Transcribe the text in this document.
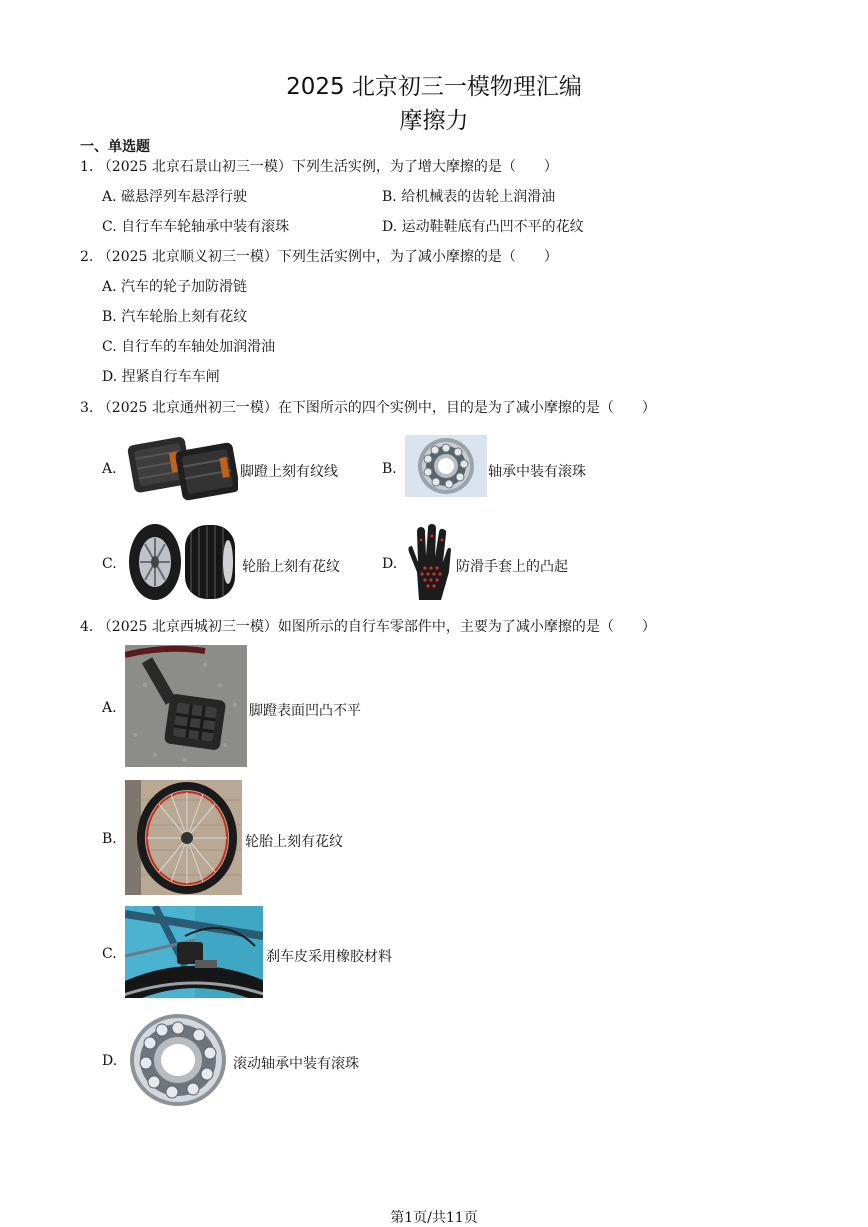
2025 北京初三一模物理汇编
摩擦力
一、单选题
1. （2025 北京石景山初三一模）下列生活实例，为了增大摩擦的是（　　）
A. 磁悬浮列车悬浮行驶	B. 给机械表的齿轮上润滑油
C. 自行车车轮轴承中装有滚珠	D. 运动鞋鞋底有凸凹不平的花纹
2. （2025 北京顺义初三一模）下列生活实例中，为了减小摩擦的是（　　）
A. 汽车的轮子加防滑链
B. 汽车轮胎上刻有花纹
C. 自行车的车轴处加润滑油
D. 捏紧自行车车闸
3. （2025 北京通州初三一模）在下图所示的四个实例中，目的是为了减小摩擦的是（　　）
A.	脚蹬上刻有纹线	B.	轴承中装有滚珠
C.	轮胎上刻有花纹	D.	防滑手套上的凸起
4. （2025 北京西城初三一模）如图所示的自行车零部件中，主要为了减小摩擦的是（　　）
A.	脚蹬表面凹凸不平
B.	轮胎上刻有花纹
C.	刹车皮采用橡胶材料
D.	滚动轴承中装有滚珠
第1页/共11页
